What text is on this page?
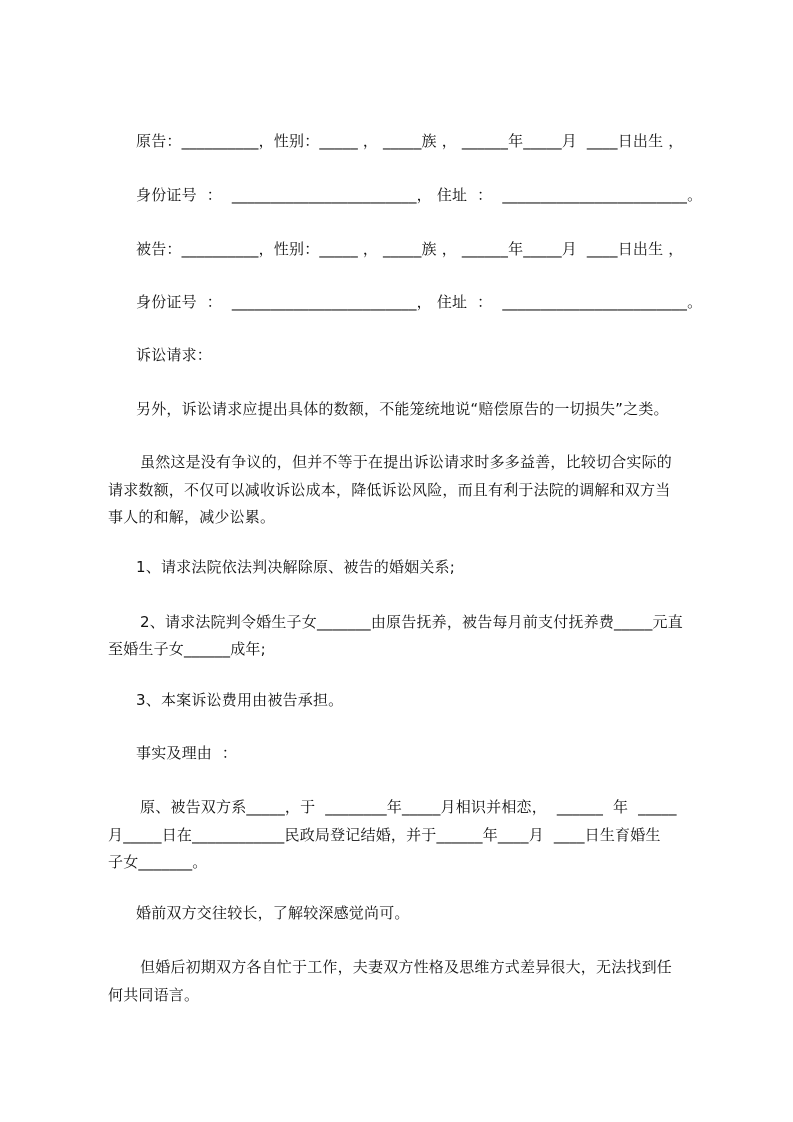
原告：__________，性别：_____ ， _____族 ， ______年_____月  ____日出生 ，
身份证号  ：  ________________________， 住址  ：  ________________________。
被告：__________，性别：_____ ， _____族 ， ______年_____月  ____日出生 ，
身份证号  ：  ________________________， 住址  ：  ________________________。
诉讼请求：
另外，诉讼请求应提出具体的数额，不能笼统地说“赔偿原告的一切损失”之类。
虽然这是没有争议的，但并不等于在提出诉讼请求时多多益善，比较切合实际的
请求数额，不仅可以减收诉讼成本，降低诉讼风险，而且有利于法院的调解和双方当
事人的和解，减少讼累。
1、请求法院依法判决解除原、被告的婚姻关系;
2、请求法院判令婚生子女_______由原告抚养，被告每月前支付抚养费_____元直
至婚生子女______成年;
3、本案诉讼费用由被告承担。
事实及理由  ：
原、被告双方系_____，于  ________年_____月相识并相恋，  ______  年  _____
月_____日在____________民政局登记结婚，并于______年____月  ____日生育婚生
子女_______。
婚前双方交往较长，了解较深感觉尚可。
但婚后初期双方各自忙于工作，夫妻双方性格及思维方式差异很大，无法找到任
何共同语言。
